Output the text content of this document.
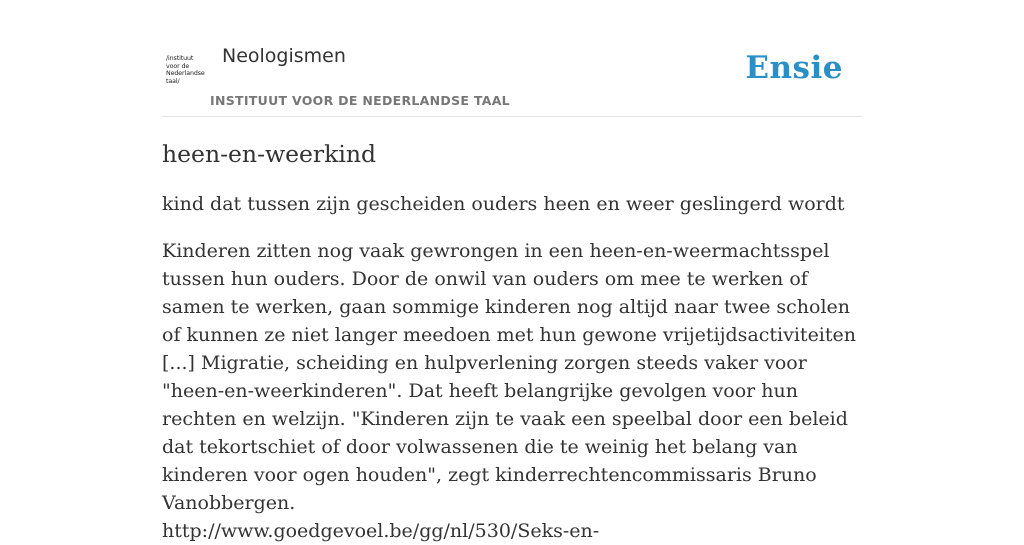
/instituut
voor de
Nederlandse
taal/
Neologismen
INSTITUUT VOOR DE NEDERLANDSE TAAL
Ensie
heen-en-weerkind

kind dat tussen zijn gescheiden ouders heen en weer geslingerd wordt

Kinderen zitten nog vaak gewrongen in een heen-en-weermachtsspel tussen hun ouders. Door de onwil van ouders om mee te werken of samen te werken, gaan sommige kinderen nog altijd naar twee scholen of kunnen ze niet langer meedoen met hun gewone vrijetijdsactiviteiten [...] Migratie, scheiding en hulpverlening zorgen steeds vaker voor "heen-en-weerkinderen". Dat heeft belangrijke gevolgen voor hun rechten en welzijn. "Kinderen zijn te vaak een speelbal door een beleid dat tekortschiet of door volwassenen die te weinig het belang van kinderen voor ogen houden", zegt kinderrechtencommissaris Bruno Vanobbergen.
http://www.goedgevoel.be/gg/nl/530/Seks-en-
